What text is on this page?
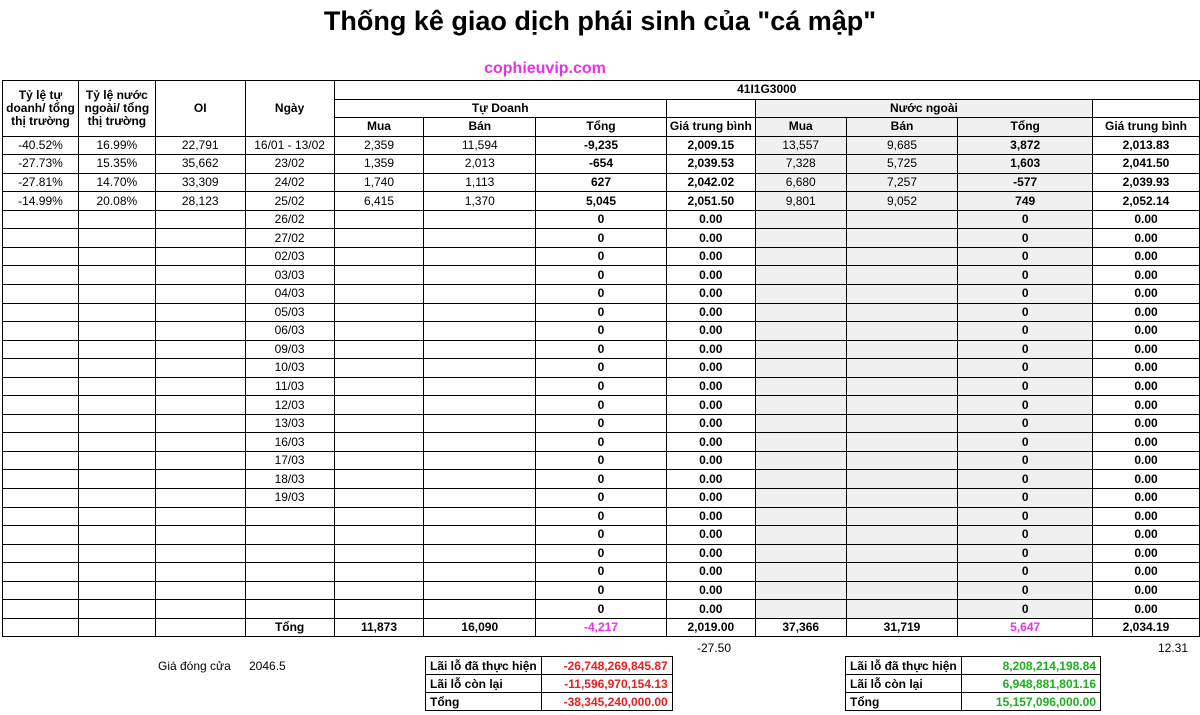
Thống kê giao dịch phái sinh của "cá mập"
cophieuvip.com
Tỷ lệ tự doanh/ tổng thị trường	Tỷ lệ nước ngoài/ tổng thị trường	OI	Ngày	41I1G3000							
				Tự Doanh				Nước ngoài			
				Mua	Bán	Tổng	Giá trung bình	Mua	Bán	Tổng	Giá trung bình
-40.52%	16.99%	22,791	16/01 - 13/02	2,359	11,594	-9,235	2,009.15	13,557	9,685	3,872	2,013.83
-27.73%	15.35%	35,662	23/02	1,359	2,013	-654	2,039.53	7,328	5,725	1,603	2,041.50
-27.81%	14.70%	33,309	24/02	1,740	1,113	627	2,042.02	6,680	7,257	-577	2,039.93
-14.99%	20.08%	28,123	25/02	6,415	1,370	5,045	2,051.50	9,801	9,052	749	2,052.14
			26/02			0	0.00			0	0.00
			27/02			0	0.00			0	0.00
			02/03			0	0.00			0	0.00
			03/03			0	0.00			0	0.00
			04/03			0	0.00			0	0.00
			05/03			0	0.00			0	0.00
			06/03			0	0.00			0	0.00
			09/03			0	0.00			0	0.00
			10/03			0	0.00			0	0.00
			11/03			0	0.00			0	0.00
			12/03			0	0.00			0	0.00
			13/03			0	0.00			0	0.00
			16/03			0	0.00			0	0.00
			17/03			0	0.00			0	0.00
			18/03			0	0.00			0	0.00
			19/03			0	0.00			0	0.00
						0	0.00			0	0.00
						0	0.00			0	0.00
						0	0.00			0	0.00
						0	0.00			0	0.00
						0	0.00			0	0.00
						0	0.00			0	0.00
			Tổng	11,873	16,090	-4,217	2,019.00	37,366	31,719	5,647	2,034.19
-27.50	12.31
Giá đóng cửa 2046.5	Lãi lỗ đã thực hiện	-26,748,269,845.87
Lãi lỗ còn lại	-11,596,970,154.13
Tổng	-38,345,240,000.00
Lãi lỗ đã thực hiện	8,208,214,198.84
Lãi lỗ còn lại	6,948,881,801.16
Tổng	15,157,096,000.00
